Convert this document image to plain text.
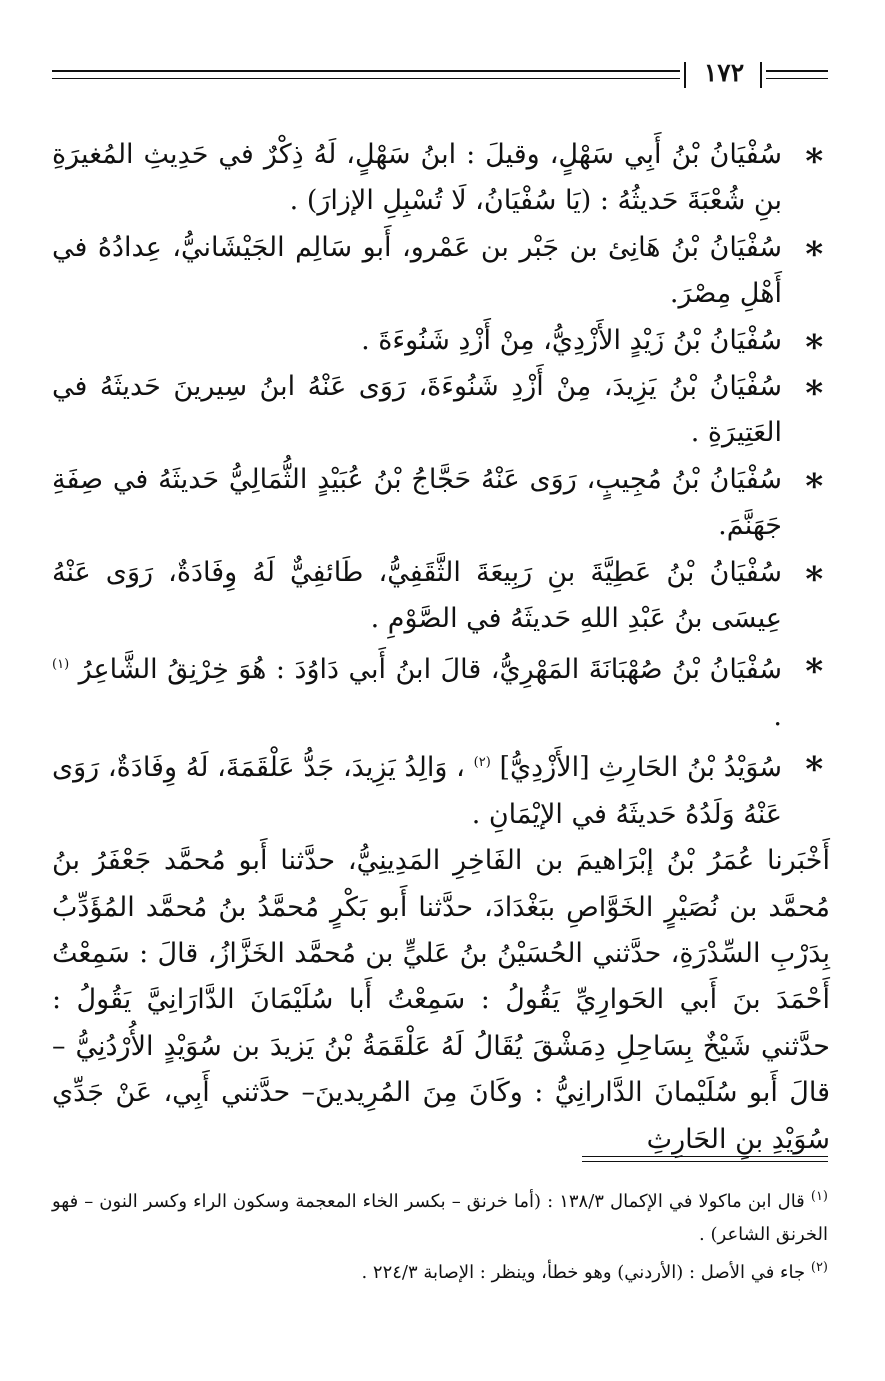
١٧٢

∗
سُفْيَانُ بْنُ أَبِي سَهْلٍ، وقيلَ : ابنُ سَهْلٍ، لَهُ ذِكْرٌ في حَدِيثِ المُغيرَةِ بنِ شُعْبَةَ حَديثُهُ : (يَا سُفْيَانُ، لَا تُسْبِلِ الإزارَ) .

∗
سُفْيَانُ بْنُ هَانِئ بن جَبْر بن عَمْرو، أَبو سَالِم الجَيْشَانيُّ، عِدادُهُ في أَهْلِ مِصْرَ.

∗
سُفْيَانُ بْنُ زَيْدٍ الأَزْدِيُّ، مِنْ أَزْدِ شَنُوءَةَ .

∗
سُفْيَانُ بْنُ يَزِيدَ، مِنْ أَزْدِ شَنُوءَةَ، رَوَى عَنْهُ ابنُ سِيرينَ حَديثَهُ في العَتِيرَةِ .

∗
سُفْيَانُ بْنُ مُجِيبٍ، رَوَى عَنْهُ حَجَّاجُ بْنُ عُبَيْدٍ الثُّمَالِيُّ حَديثَهُ في صِفَةِ جَهَنَّمَ.

∗
سُفْيَانُ بْنُ عَطِيَّةَ بنِ رَبِيعَةَ الثَّقَفِيُّ، طَائفِيٌّ لَهُ وِفَادَةٌ، رَوَى عَنْهُ عِيسَى بنُ عَبْدِ اللهِ حَديثَهُ في الصَّوْمِ .

∗
سُفْيَانُ بْنُ صُهْبَانَةَ المَهْرِيُّ، قالَ ابنُ أَبي دَاوُدَ : هُوَ خِرْنِقُ الشَّاعِرُ $^{(١)}$ .

∗
سُوَيْدُ بْنُ الحَارِثِ [الأَزْدِيُّ] $^{(٢)}$ ، وَالِدُ يَزِيدَ، جَدُّ عَلْقَمَةَ، لَهُ وِفَادَةٌ، رَوَى عَنْهُ وَلَدُهُ حَديثَهُ في الإيْمَانِ .

أَخْبَرنا عُمَرُ بْنُ إبْرَاهيمَ بن الفَاخِرِ المَدِينِيُّ، حدَّثنا أَبو مُحمَّد جَعْفَرُ بنُ مُحمَّد بن نُصَيْرٍ الخَوَّاصِ ببَغْدَادَ، حدَّثنا أَبو بَكْرٍ مُحمَّدُ بنُ مُحمَّد المُؤَدِّبُ بِدَرْبِ السِّدْرَةِ، حدَّثني الحُسَيْنُ بنُ عَليٍّ بن مُحمَّد الخَزَّازُ، قالَ : سَمِعْتُ أَحْمَدَ بنَ أَبي الحَوارِيِّ يَقُولُ : سَمِعْتُ أَبا سُلَيْمَانَ الدَّارَانِيَّ يَقُولُ : حدَّثني شَيْخٌ بِسَاحِلِ دِمَشْقَ يُقَالُ لَهُ عَلْقَمَةُ بْنُ يَزيدَ بن سُوَيْدٍ الأُرْدُنِيُّ –قالَ أَبو سُلَيْمانَ الدَّارانِيُّ : وكَانَ مِنَ المُرِيدينَ– حدَّثني أَبِي، عَنْ جَدِّي سُوَيْدِ بنِ الحَارِثِ

$^{(١)}$ قال ابن ماكولا في الإكمال ١٣٨/٣ : (أما خرنق – بكسر الخاء المعجمة وسكون الراء وكسر النون – فهو الخرنق الشاعر) .

$^{(٢)}$ جاء في الأصل : (الأردني) وهو خطأ، وينظر : الإصابة ٢٢٤/٣ .
